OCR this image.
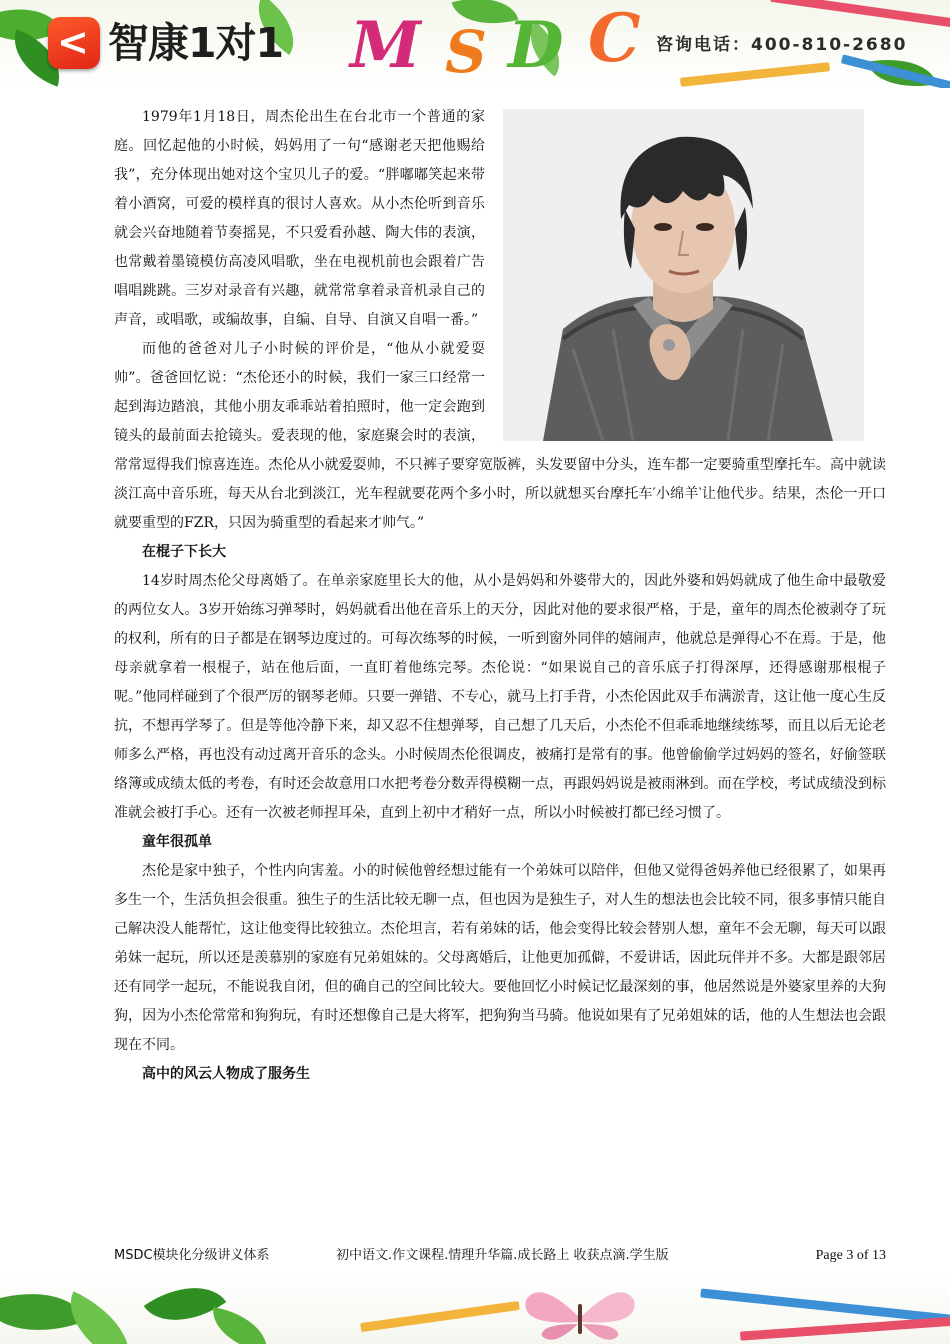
< 智康1对1 M S D C 咨询电话：400-810-2680

1979年1月18日，周杰伦出生在台北市一个普通的家庭。回忆起他的小时候，妈妈用了一句“感谢老天把他赐给我”，充分体现出她对这个宝贝儿子的爱。“胖嘟嘟笑起来带着小酒窝，可爱的模样真的很讨人喜欢。从小杰伦听到音乐就会兴奋地随着节奏摇晃，不只爱看孙越、陶大伟的表演，也常戴着墨镜模仿高凌风唱歌，坐在电视机前也会跟着广告唱唱跳跳。三岁对录音有兴趣，就常常拿着录音机录自己的声音，或唱歌，或编故事，自编、自导、自演又自唱一番。”

而他的爸爸对儿子小时候的评价是，“他从小就爱耍帅”。爸爸回忆说：“杰伦还小的时候，我们一家三口经常一起到海边踏浪，其他小朋友乖乖站着拍照时，他一定会跑到镜头的最前面去抢镜头。爱表现的他，家庭聚会时的表演，常常逗得我们惊喜连连。杰伦从小就爱耍帅，不只裤子要穿宽版裤，头发要留中分头，连车都一定要骑重型摩托车。高中就读淡江高中音乐班，每天从台北到淡江，光车程就要花两个多小时，所以就想买台摩托车′小绵羊‵让他代步。结果，杰伦一开口就要重型的FZR，只因为骑重型的看起来才帅气。”

在棍子下长大

14岁时周杰伦父母离婚了。在单亲家庭里长大的他，从小是妈妈和外婆带大的，因此外婆和妈妈就成了他生命中最敬爱的两位女人。3岁开始练习弹琴时，妈妈就看出他在音乐上的天分，因此对他的要求很严格，于是，童年的周杰伦被剥夺了玩的权利，所有的日子都是在钢琴边度过的。可每次练琴的时候，一听到窗外同伴的嬉闹声，他就总是弹得心不在焉。于是，他母亲就拿着一根棍子，站在他后面，一直盯着他练完琴。杰伦说：“如果说自己的音乐底子打得深厚，还得感谢那根棍子呢。”他同样碰到了个很严厉的钢琴老师。只要一弹错、不专心，就马上打手背，小杰伦因此双手布满淤青，这让他一度心生反抗，不想再学琴了。但是等他冷静下来，却又忍不住想弹琴，自己想了几天后，小杰伦不但乖乖地继续练琴，而且以后无论老师多么严格，再也没有动过离开音乐的念头。小时候周杰伦很调皮，被痛打是常有的事。他曾偷偷学过妈妈的签名，好偷签联络簿或成绩太低的考卷，有时还会故意用口水把考卷分数弄得模糊一点，再跟妈妈说是被雨淋到。而在学校，考试成绩没到标准就会被打手心。还有一次被老师捏耳朵，直到上初中才稍好一点，所以小时候被打都已经习惯了。

童年很孤单

杰伦是家中独子，个性内向害羞。小的时候他曾经想过能有一个弟妹可以陪伴，但他又觉得爸妈养他已经很累了，如果再多生一个，生活负担会很重。独生子的生活比较无聊一点，但也因为是独生子，对人生的想法也会比较不同，很多事情只能自己解决没人能帮忙，这让他变得比较独立。杰伦坦言，若有弟妹的话，他会变得比较会替别人想，童年不会无聊，每天可以跟弟妹一起玩，所以还是羡慕别的家庭有兄弟姐妹的。父母离婚后，让他更加孤僻，不爱讲话，因此玩伴并不多。大都是跟邻居还有同学一起玩，不能说我自闭，但的确自己的空间比较大。要他回忆小时候记忆最深刻的事，他居然说是外婆家里养的大狗狗，因为小杰伦常常和狗狗玩，有时还想像自己是大将军，把狗狗当马骑。他说如果有了兄弟姐妹的话，他的人生想法也会跟现在不同。

高中的风云人物成了服务生
MSDC模块化分级讲义体系	初中语文.作文课程.情理升华篇.成长路上 收获点滴.学生版	Page 3 of 13
